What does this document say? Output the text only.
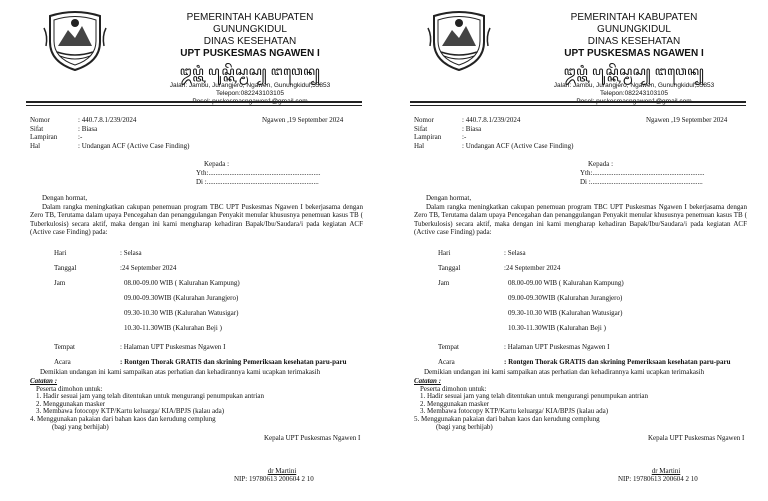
PEMERINTAH KABUPATEN GUNUNGKIDUL
DINAS KESEHATAN
UPT PUSKESMAS NGAWEN I
ꦈꦥ꧀ꦠꦶ ꦥꦸꦱ꧀ꦏꦼꦱ꧀ꦩꦱ꧀ ꦔꦮꦺꦤ꧀
Jalan: Jambu, Jurangjero, Ngawen, Gunungkidul,55853
Telepon:082243103105
Posel: puskesmasngawen1@gmail.com
Nomor	: 440.7.8.1/239/2024
Sifat	: Biasa
Lampiran	:-
Hal	: Undangan ACF (Active Case Finding)
Ngawen ,19 September 2024
Kepada :
Yth:................................................................
Di :................................................................
Dengan hormat,
Dalam rangka meningkatkan cakupan penemuan program TBC UPT Puskesmas Ngawen I bekerjasama dengan Zero TB, Terutama dalam upaya Pencegahan dan penanggulangan Penyakit menular khususnya penemuan kasus TB ( Tuberkulosis) secara aktif, maka dengan ini kami mengharap kehadiran Bapak/Ibu/Saudara/i pada kegiatan ACF (Active case Finding) pada:
Hari	: Selasa
Tanggal	:24 September 2024
Jam	08.00-09.00 WIB ( Kalurahan Kampung)
09.00-09.30WIB (Kalurahan Jurangjero)
09.30-10.30 WIB (Kalurahan Watusigar)
10.30-11.30WIB (Kalurahan Beji )
Tempat	: Halaman UPT Puskesmas Ngawen I
Acara	: Rontgen Thorak GRATIS dan skrining Pemeriksaan kesehatan paru-paru
Demikian undangan ini kami sampaikan atas perhatian dan kehadirannya kami ucapkan terimakasih
Catatan :
Peserta dimohon untuk:
1. Hadir sesuai jam yang telah ditentukan untuk mengurangi penumpukan antrian
2. Menggunakan masker
3. Membawa fotocopy KTP/Kartu keluarga/ KIA/BPJS (kalau ada)
4. Menggunakan pakaian dari bahan kaos dan kerudung cemplung
(bagi yang berhijab)
Kepala UPT Puskesmas Ngawen I
dr Martini
NIP: 19780613 200604 2 10
PEMERINTAH KABUPATEN GUNUNGKIDUL
DINAS KESEHATAN
UPT PUSKESMAS NGAWEN I
ꦈꦥ꧀ꦠꦶ ꦥꦸꦱ꧀ꦏꦼꦱ꧀ꦩꦱ꧀ ꦔꦮꦺꦤ꧀
Jalan: Jambu, Jurangjero, Ngawen, Gunungkidul,55853
Telepon:082243103105
Posel: puskesmasngawen1@gmail.com
Nomor	: 440.7.8.1/239/2024
Sifat	: Biasa
Lampiran	:-
Hal	: Undangan ACF (Active Case Finding)
Ngawen ,19 September 2024
Kepada :
Yth:................................................................
Di :................................................................
Dengan hormat,
Dalam rangka meningkatkan cakupan penemuan program TBC UPT Puskesmas Ngawen I bekerjasama dengan Zero TB, Terutama dalam upaya Pencegahan dan penanggulangan Penyakit menular khususnya penemuan kasus TB ( Tuberkulosis) secara aktif, maka dengan ini kami mengharap kehadiran Bapak/Ibu/Saudara/i pada kegiatan ACF (Active case Finding) pada:
Hari	: Selasa
Tanggal	:24 September 2024
Jam	08.00-09.00 WIB ( Kalurahan Kampung)
09.00-09.30WIB (Kalurahan Jurangjero)
09.30-10.30 WIB (Kalurahan Watusigar)
10.30-11.30WIB (Kalurahan Beji )
Tempat	: Halaman UPT Puskesmas Ngawen I
Acara	: Rontgen Thorak GRATIS dan skrining Pemeriksaan kesehatan paru-paru
Demikian undangan ini kami sampaikan atas perhatian dan kehadirannya kami ucapkan terimakasih
Catatan :
Peserta dimohon untuk:
1. Hadir sesuai jam yang telah ditentukan untuk mengurangi penumpukan antrian
2. Menggunakan masker
3. Membawa fotocopy KTP/Kartu keluarga/ KIA/BPJS (kalau ada)
5. Menggunakan pakaian dari bahan kaos dan kerudung cemplung
(bagi yang berhijab)
Kepala UPT Puskesmas Ngawen I
dr Martini
NIP: 19780613 200604 2 10
